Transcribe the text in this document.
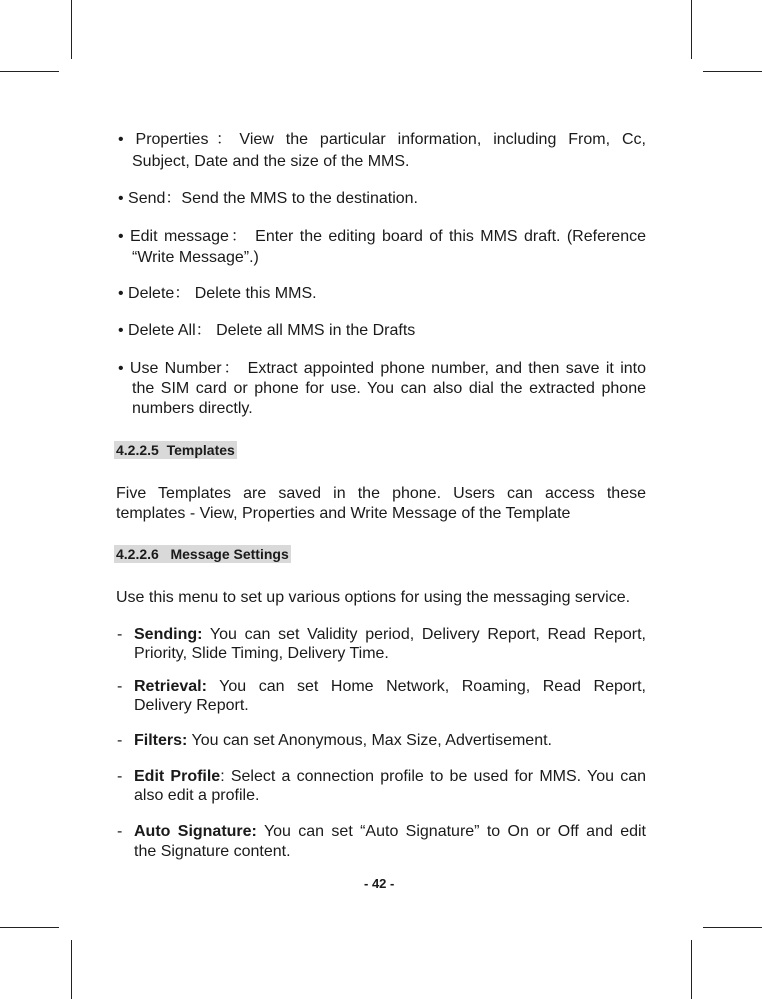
• Properties：View the particular information, including From, Cc,
Subject, Date and the size of the MMS.
• Send：Send the MMS to the destination.
• Edit message： Enter the editing board of this MMS draft. (Reference
“Write Message”.)
• Delete： Delete this MMS.
• Delete All： Delete all MMS in the Drafts
• Use Number： Extract appointed phone number, and then save it into
the SIM card or phone for use. You can also dial the extracted phone
numbers directly.
4.2.2.5  Templates
Five Templates are saved in the phone. Users can access these
templates - View, Properties and Write Message of the Template
4.2.2.6   Message Settings
Use this menu to set up various options for using the messaging service.
- Sending: You can set Validity period, Delivery Report, Read Report,
Priority, Slide Timing, Delivery Time.
- Retrieval: You can set Home Network, Roaming, Read Report,
Delivery Report.
- Filters: You can set Anonymous, Max Size, Advertisement.
- Edit Profile: Select a connection profile to be used for MMS. You can
also edit a profile.
- Auto Signature: You can set “Auto Signature” to On or Off and edit
the Signature content.
- 42 -
